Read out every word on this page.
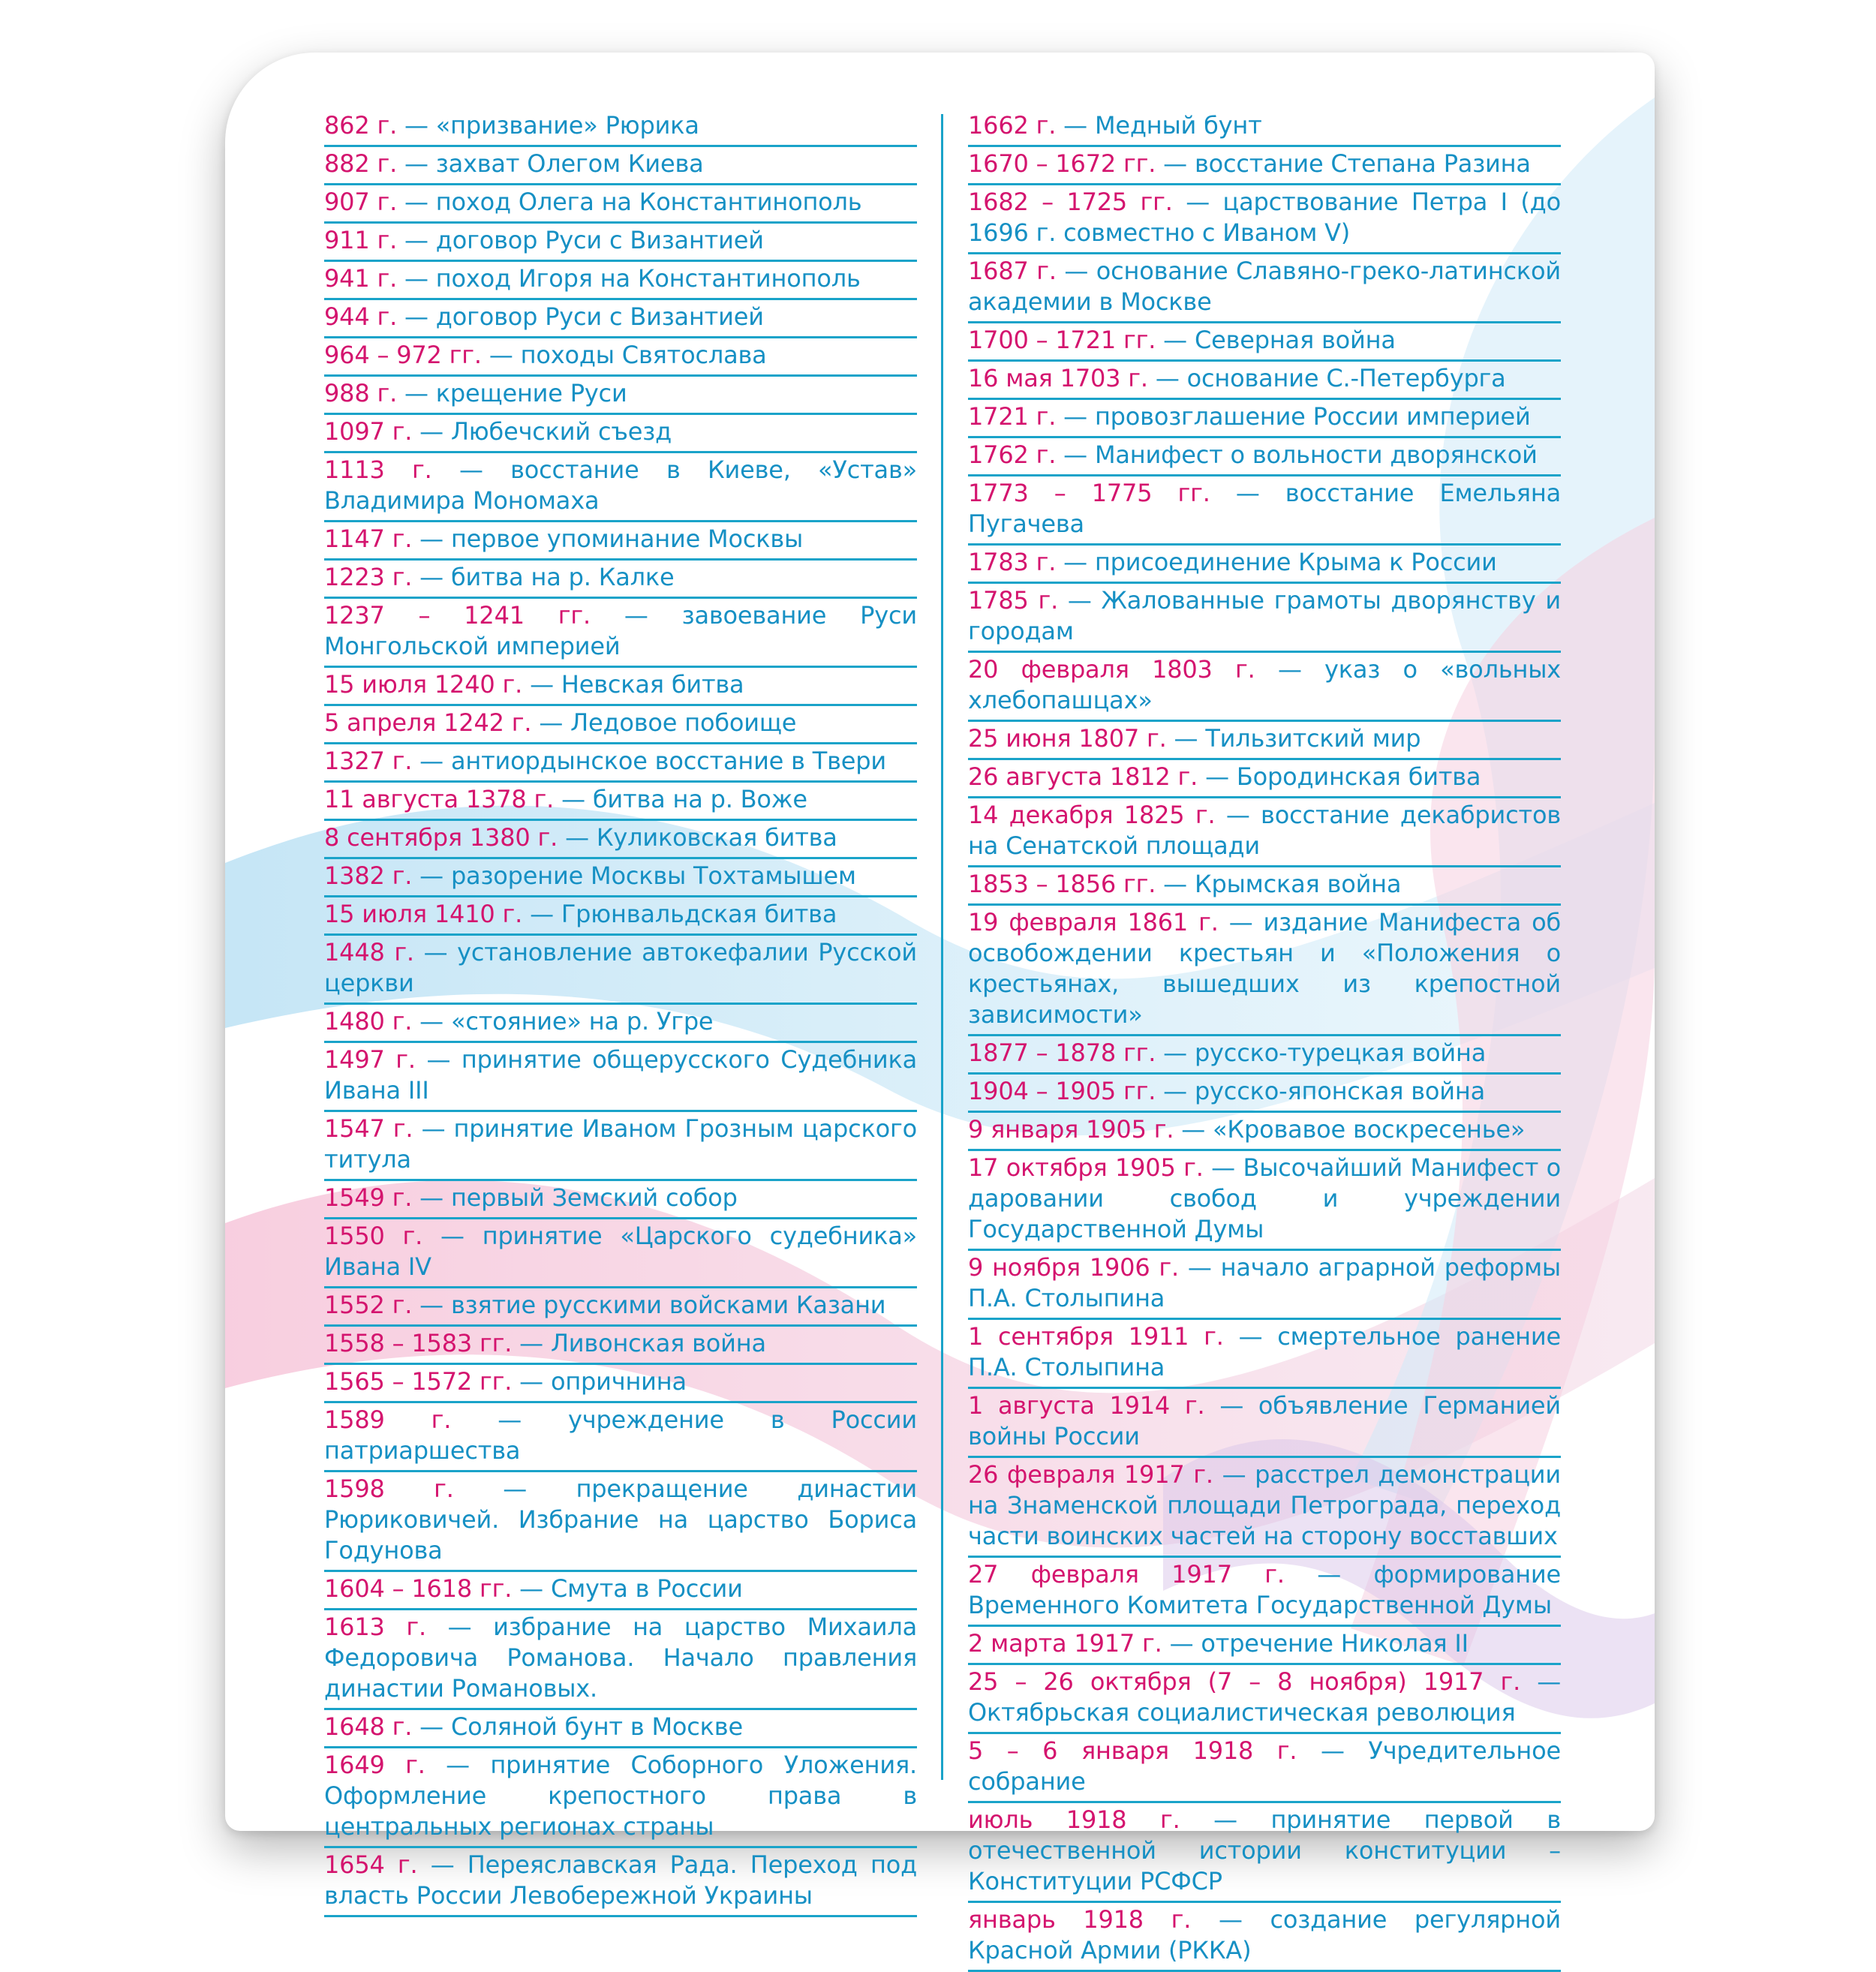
862 г. — «призвание» Рюрика
882 г. — захват Олегом Киева
907 г. — поход Олега на Константинополь
911 г. — договор Руси с Византией
941 г. — поход Игоря на Константинополь
944 г. — договор Руси с Византией
964 – 972 гг. — походы Святослава
988 г. — крещение Руси
1097 г. — Любечский съезд
1113 г. — восстание в Киеве, «Устав» Владимира Мономаха
1147 г. — первое упоминание Москвы
1223 г. — битва на р. Калке
1237 – 1241 гг. — завоевание Руси Монгольской империей
15 июля 1240 г. — Невская битва
5 апреля 1242 г. — Ледовое побоище
1327 г. — антиордынское восстание в Твери
11 августа 1378 г. — битва на р. Воже
8 сентября 1380 г. — Куликовская битва
1382 г. — разорение Москвы Тохтамышем
15 июля 1410 г. — Грюнвальдская битва
1448 г. — установление автокефалии Русской церкви
1480 г. — «стояние» на р. Угре
1497 г. — принятие общерусского Судебника Ивана III
1547 г. — принятие Иваном Грозным царского титула
1549 г. — первый Земский собор
1550 г. — принятие «Царского судебника» Ивана IV
1552 г. — взятие русскими войсками Казани
1558 – 1583 гг. — Ливонская война
1565 – 1572 гг. — опричнина
1589 г. — учреждение в России патриаршества
1598 г. — прекращение династии Рюриковичей. Избрание на царство Бориса Годунова
1604 – 1618 гг. — Смута в России
1613 г. — избрание на царство Михаила Федоровича Романова. Начало правления династии Романовых.
1648 г. — Соляной бунт в Москве
1649 г. — принятие Соборного Уложения. Оформление крепостного права в центральных регионах страны
1654 г. — Переяславская Рада. Переход под власть России Левобережной Украины
1662 г. — Медный бунт
1670 – 1672 гг. — восстание Степана Разина
1682 – 1725 гг. — царствование Петра I (до 1696 г. совместно с Иваном V)
1687 г. — основание Славяно-греко-латинской академии в Москве
1700 – 1721 гг. — Северная война
16 мая 1703 г. — основание С.-Петербурга
1721 г. — провозглашение России империей
1762 г. — Манифест о вольности дворянской
1773 – 1775 гг. — восстание Емельяна Пугачева
1783 г. — присоединение Крыма к России
1785 г. — Жалованные грамоты дворянству и городам
20 февраля 1803 г. — указ о «вольных хлебопашцах»
25 июня 1807 г. — Тильзитский мир
26 августа 1812 г. — Бородинская битва
14 декабря 1825 г. — восстание декабристов на Сенатской площади
1853 – 1856 гг. — Крымская война
19 февраля 1861 г. — издание Манифеста об освобождении крестьян и «Положения о крестьянах, вышедших из крепостной зависимости»
1877 – 1878 гг. — русско-турецкая война
1904 – 1905 гг. — русско-японская война
9 января 1905 г. — «Кровавое воскресенье»
17 октября 1905 г. — Высочайший Манифест о даровании свобод и учреждении Государственной Думы
9 ноября 1906 г. — начало аграрной реформы П.А. Столыпина
1 сентября 1911 г. — смертельное ранение П.А. Столыпина
1 августа 1914 г. — объявление Германией войны России
26 февраля 1917 г. — расстрел демонстрации на Знаменской площади Петрограда, переход части воинских частей на сторону восставших
27 февраля 1917 г. — формирование Временного Комитета Государственной Думы
2 марта 1917 г. — отречение Николая II
25 – 26 октября (7 – 8 ноября) 1917 г. — Октябрьская социалистическая революция
5 – 6 января 1918 г. — Учредительное собрание
июль 1918 г. — принятие первой в отечественной истории конституции – Конституции РСФСР
январь 1918 г. — создание регулярной Красной Армии (РККА)
